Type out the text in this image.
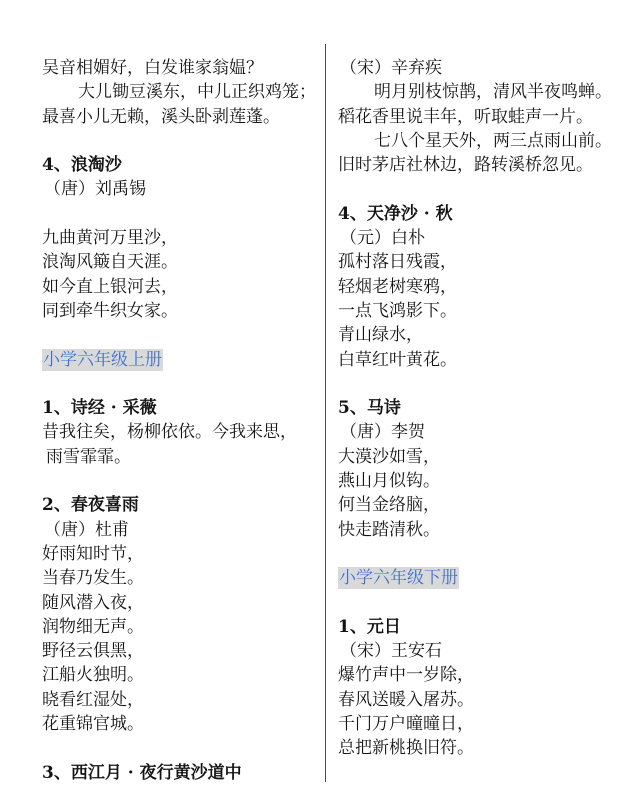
吴音相媚好，白发谁家翁媪？
大儿锄豆溪东，中儿正织鸡笼；
最喜小儿无赖，溪头卧剥莲蓬。
4、浪淘沙
（唐）刘禹锡
九曲黄河万里沙，
浪淘风簸自天涯。
如今直上银河去，
同到牵牛织女家。
小学六年级上册
1、诗经 · 采薇
昔我往矣，杨柳依依。今我来思，
雨雪霏霏。
2、春夜喜雨
（唐）杜甫
好雨知时节，
当春乃发生。
随风潜入夜，
润物细无声。
野径云俱黑，
江船火独明。
晓看红湿处，
花重锦官城。
3、西江月 · 夜行黄沙道中
（宋）辛弃疾
明月别枝惊鹊，清风半夜鸣蝉。
稻花香里说丰年，听取蛙声一片。
七八个星天外，两三点雨山前。
旧时茅店社林边，路转溪桥忽见。
4、天净沙 · 秋
（元）白朴
孤村落日残霞，
轻烟老树寒鸦，
一点飞鸿影下。
青山绿水，
白草红叶黄花。
5、马诗
（唐）李贺
大漠沙如雪，
燕山月似钩。
何当金络脑，
快走踏清秋。
小学六年级下册
1、元日
（宋）王安石
爆竹声中一岁除，
春风送暖入屠苏。
千门万户曈曈日，
总把新桃换旧符。
